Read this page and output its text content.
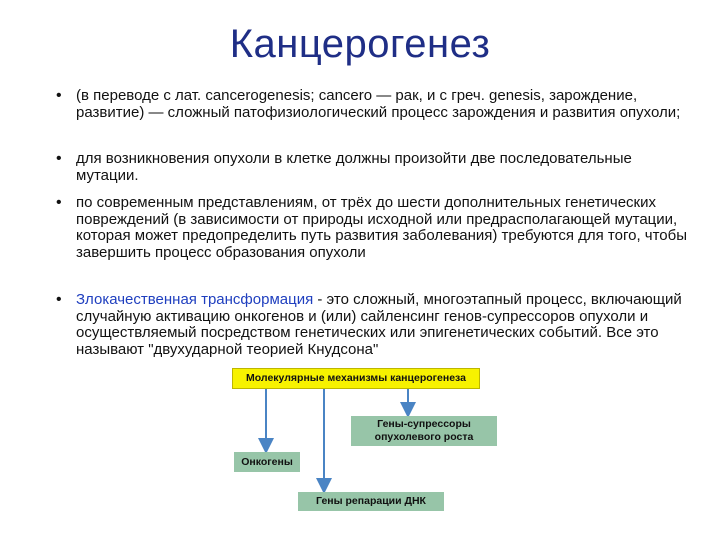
Канцерогенез
• (в переводе с лат. cancerogenesis; cancero — рак, и с греч. genesis, зарождение, развитие) — сложный патофизиологический процесс зарождения и развития опухоли;
• для возникновения опухоли в клетке должны произойти две последовательные мутации.
• по современным представлениям, от трёх до шести дополнительных генетических повреждений (в зависимости от природы исходной или предрасполагающей мутации, которая может предопределить путь развития заболевания) требуются для того, чтобы завершить процесс образования опухоли
• Злокачественная трансформация - это сложный, многоэтапный процесс, включающий случайную активацию онкогенов и (или) сайленсинг генов-супрессоров опухоли и осуществляемый посредством генетических или эпигенетических событий. Все это называют "двухударной теорией Кнудсона"
Молекулярные механизмы канцерогенеза
Гены-супрессоры
опухолевого роста
Онкогены
Гены репарации ДНК
